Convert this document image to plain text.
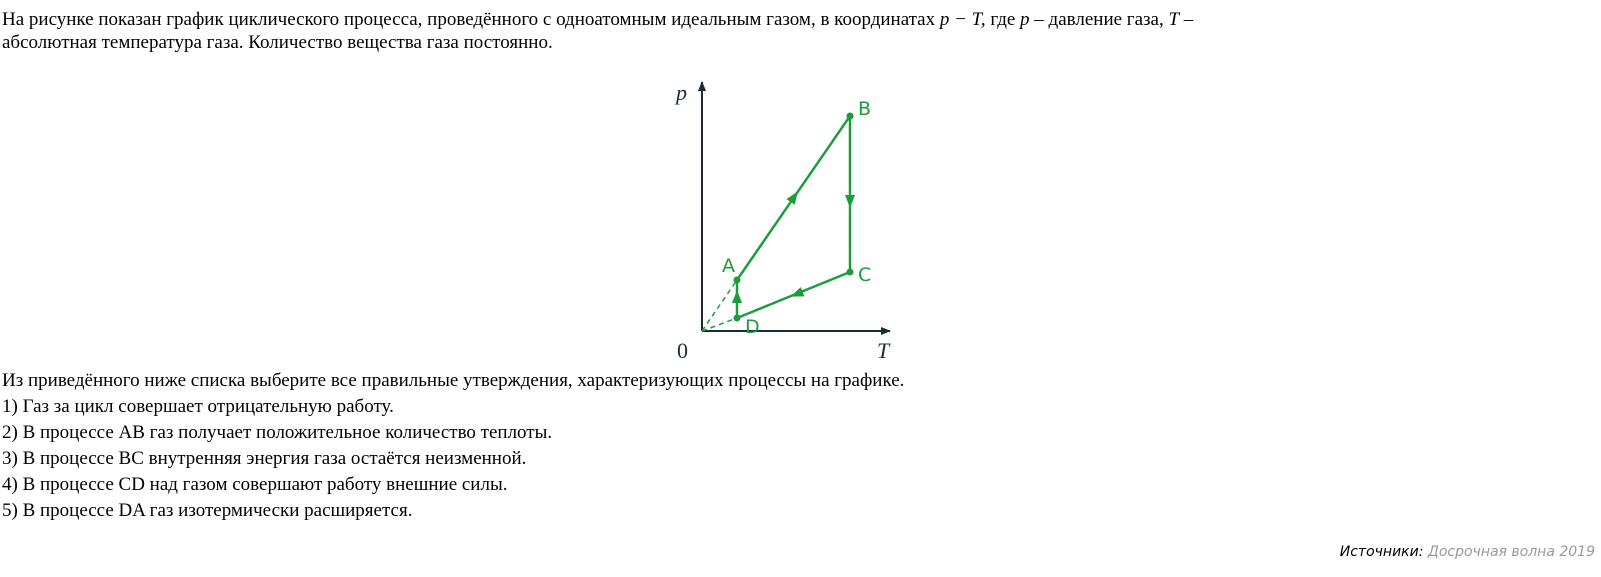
На рисунке показан график циклического процесса, проведённого с одноатомным идеальным газом, в координатах p − T, где p – давление газа, T –
абсолютная температура газа. Количество вещества газа постоянно.
A
B
C
D
p
T
0
Из приведённого ниже списка выберите все правильные утверждения, характеризующих процессы на графике.
1) Газ за цикл совершает отрицательную работу.
2) В процессе AB газ получает положительное количество теплоты.
3) В процессе BC внутренняя энергия газа остаётся неизменной.
4) В процессе CD над газом совершают работу внешние силы.
5) В процессе DA газ изотермически расширяется.
Источники: Досрочная волна 2019
